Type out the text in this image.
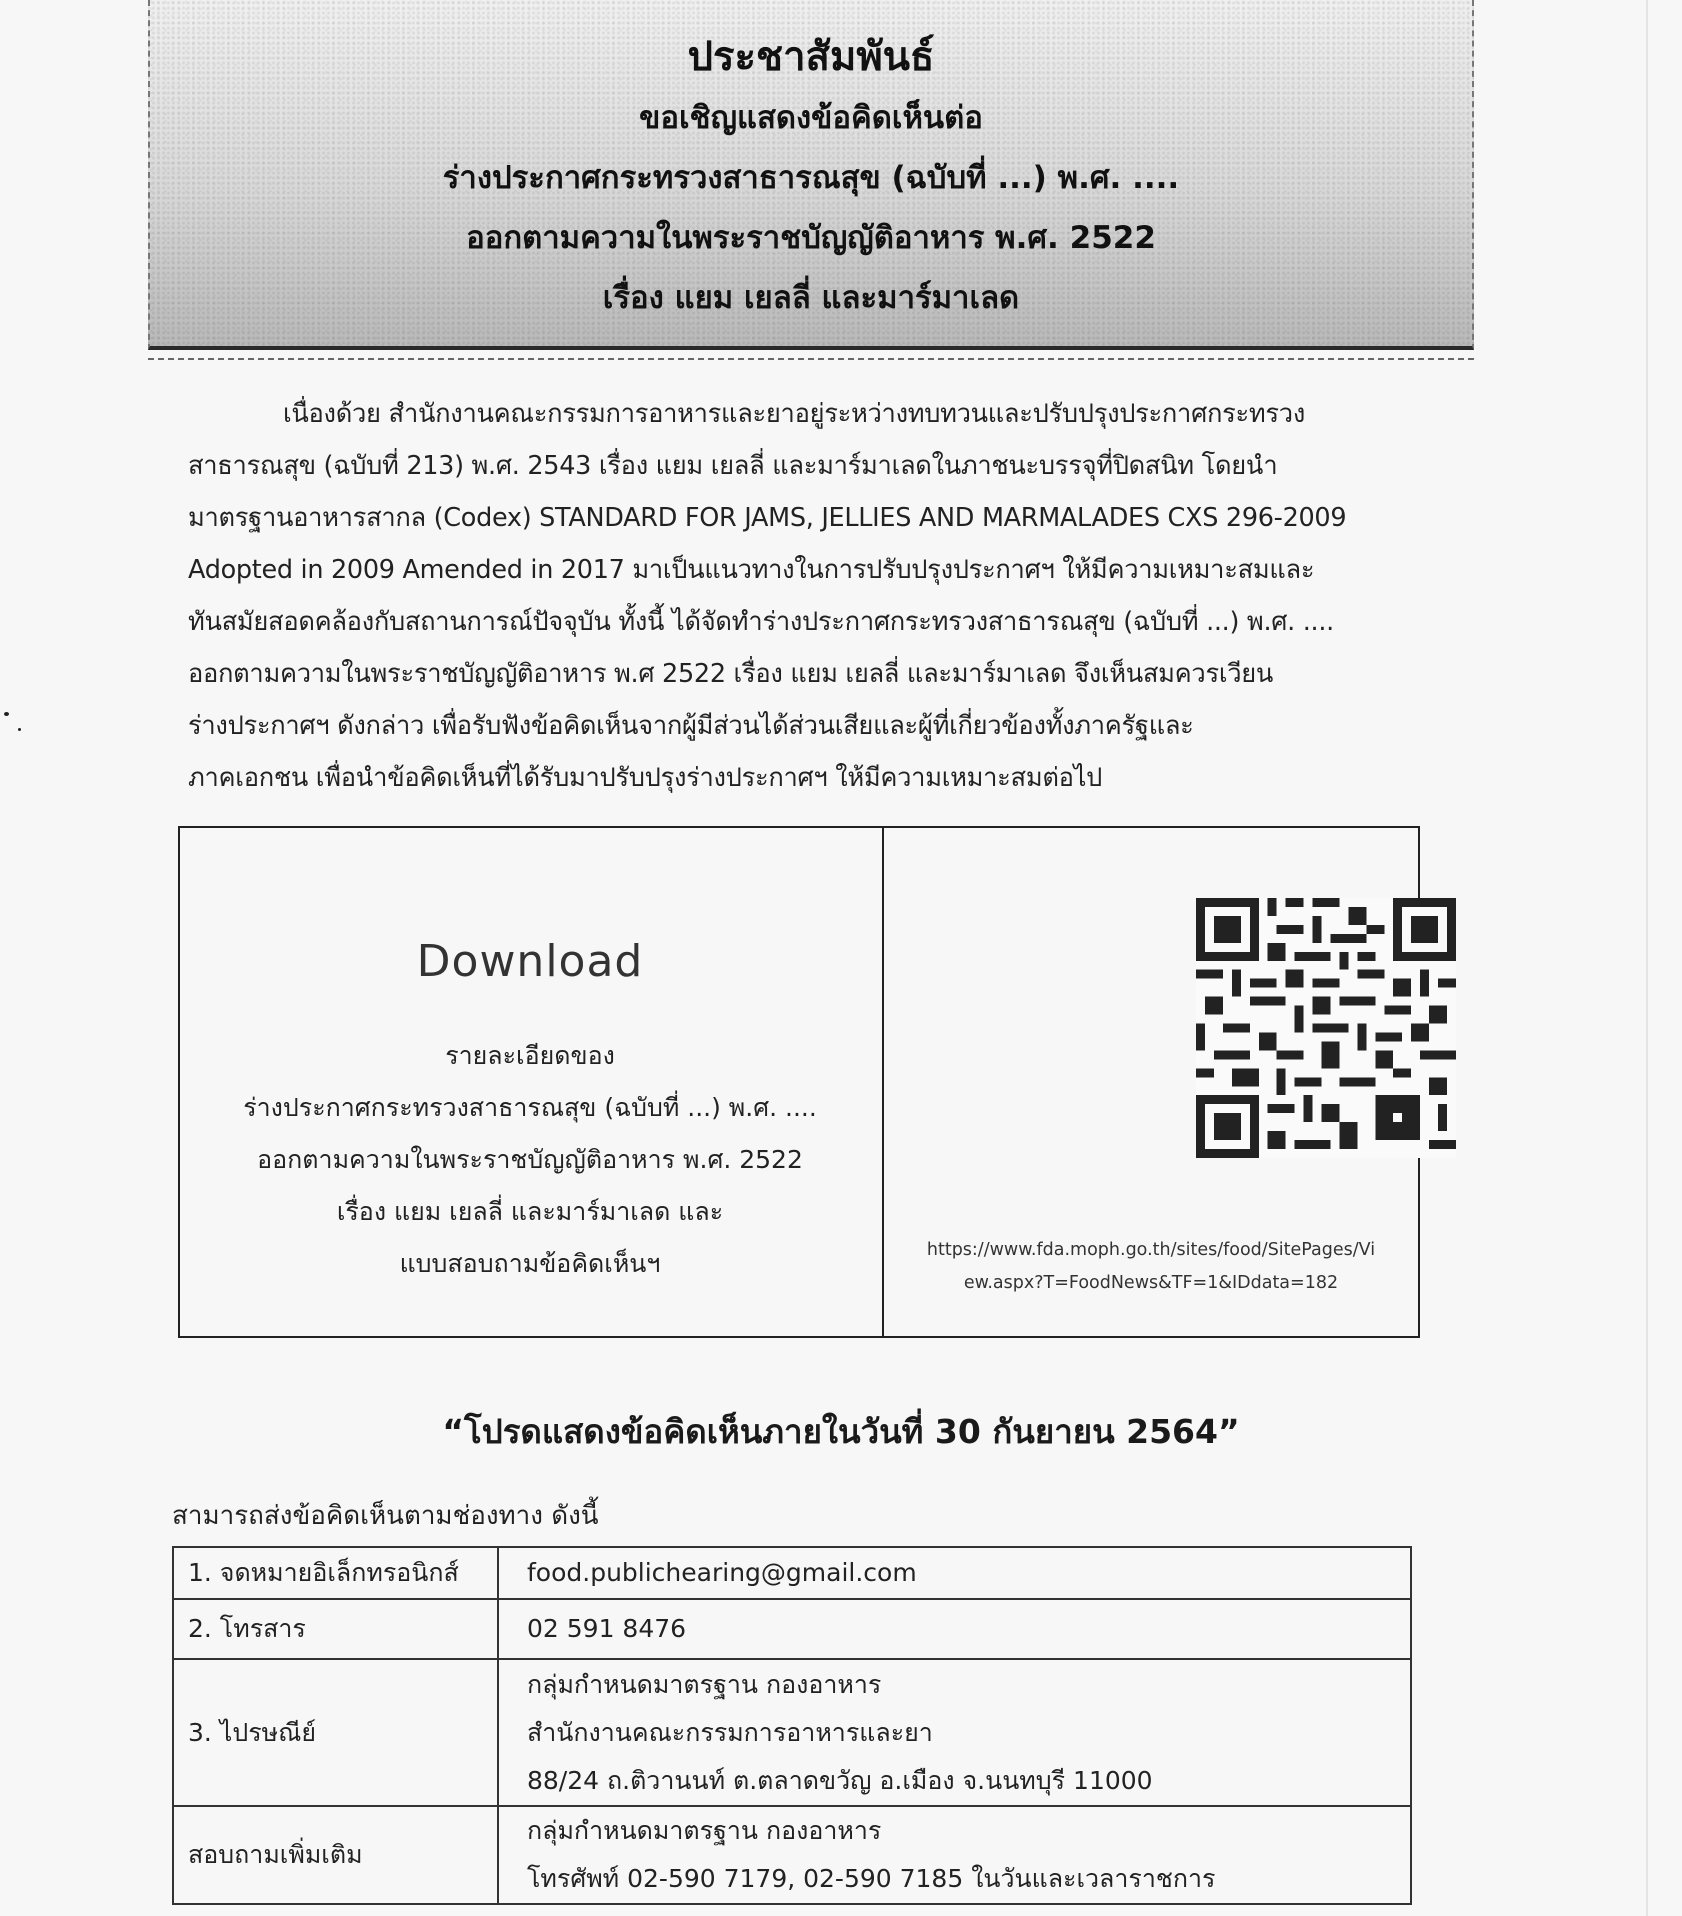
ประชาสัมพันธ์
ขอเชิญแสดงข้อคิดเห็นต่อ
ร่างประกาศกระทรวงสาธารณสุข (ฉบับที่ ...) พ.ศ. ....
ออกตามความในพระราชบัญญัติอาหาร พ.ศ. 2522
เรื่อง แยม เยลลี่ และมาร์มาเลด
เนื่องด้วย สำนักงานคณะกรรมการอาหารและยาอยู่ระหว่างทบทวนและปรับปรุงประกาศกระทรวง
สาธารณสุข (ฉบับที่ 213) พ.ศ. 2543 เรื่อง แยม เยลลี่ และมาร์มาเลดในภาชนะบรรจุที่ปิดสนิท โดยนำ
มาตรฐานอาหารสากล (Codex) STANDARD FOR JAMS, JELLIES AND MARMALADES CXS 296-2009
Adopted in 2009 Amended in 2017 มาเป็นแนวทางในการปรับปรุงประกาศฯ ให้มีความเหมาะสมและ
ทันสมัยสอดคล้องกับสถานการณ์ปัจจุบัน ทั้งนี้ ได้จัดทำร่างประกาศกระทรวงสาธารณสุข (ฉบับที่ ...) พ.ศ. ....
ออกตามความในพระราชบัญญัติอาหาร พ.ศ 2522 เรื่อง แยม เยลลี่ และมาร์มาเลด จึงเห็นสมควรเวียน
ร่างประกาศฯ ดังกล่าว เพื่อรับฟังข้อคิดเห็นจากผู้มีส่วนได้ส่วนเสียและผู้ที่เกี่ยวข้องทั้งภาครัฐและ
ภาคเอกชน เพื่อนำข้อคิดเห็นที่ได้รับมาปรับปรุงร่างประกาศฯ ให้มีความเหมาะสมต่อไป
Download
รายละเอียดของ
ร่างประกาศกระทรวงสาธารณสุข (ฉบับที่ ...) พ.ศ. ....
ออกตามความในพระราชบัญญัติอาหาร พ.ศ. 2522
เรื่อง แยม เยลลี่ และมาร์มาเลด และ
แบบสอบถามข้อคิดเห็นฯ	https://www.fda.moph.go.th/sites/food/SitePages/Vi
ew.aspx?T=FoodNews&TF=1&IDdata=182
“โปรดแสดงข้อคิดเห็นภายในวันที่ 30 กันยายน 2564”
สามารถส่งข้อคิดเห็นตามช่องทาง ดังนี้
1. จดหมายอิเล็กทรอนิกส์	food.publichearing@gmail.com

2. โทรสาร	02 591 8476

3. ไปรษณีย์	กลุ่มกำหนดมาตรฐาน กองอาหาร
สำนักงานคณะกรรมการอาหารและยา
88/24 ถ.ติวานนท์ ต.ตลาดขวัญ อ.เมือง จ.นนทบุรี 11000

สอบถามเพิ่มเติม	กลุ่มกำหนดมาตรฐาน กองอาหาร
โทรศัพท์ 02-590 7179, 02-590 7185 ในวันและเวลาราชการ
